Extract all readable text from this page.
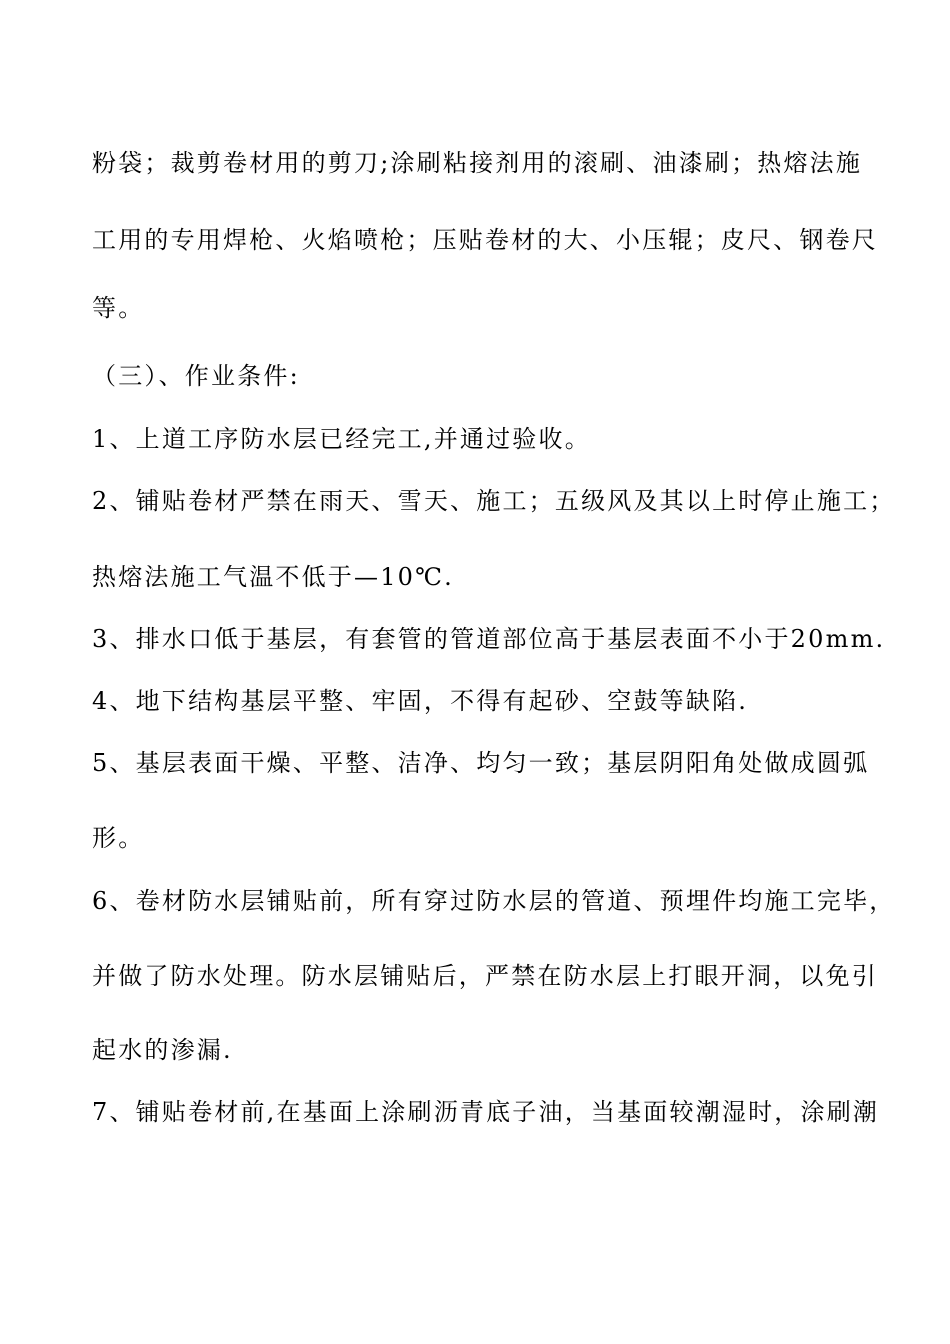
粉袋；裁剪卷材用的剪刀;涂刷粘接剂用的滚刷、油漆刷；热熔法施
工用的专用焊枪、火焰喷枪；压贴卷材的大、小压辊；皮尺、钢卷尺
等。
（三）、作业条件:
1、上道工序防水层已经完工,并通过验收。
2、铺贴卷材严禁在雨天、雪天、施工；五级风及其以上时停止施工；
热熔法施工气温不低于—10℃.
3、排水口低于基层，有套管的管道部位高于基层表面不小于20mm.
4、地下结构基层平整、牢固，不得有起砂、空鼓等缺陷.
5、基层表面干燥、平整、洁净、均匀一致；基层阴阳角处做成圆弧
形。
6、卷材防水层铺贴前，所有穿过防水层的管道、预埋件均施工完毕，
并做了防水处理。防水层铺贴后，严禁在防水层上打眼开洞，以免引
起水的渗漏.
7、铺贴卷材前,在基面上涂刷沥青底子油，当基面较潮湿时，涂刷潮
